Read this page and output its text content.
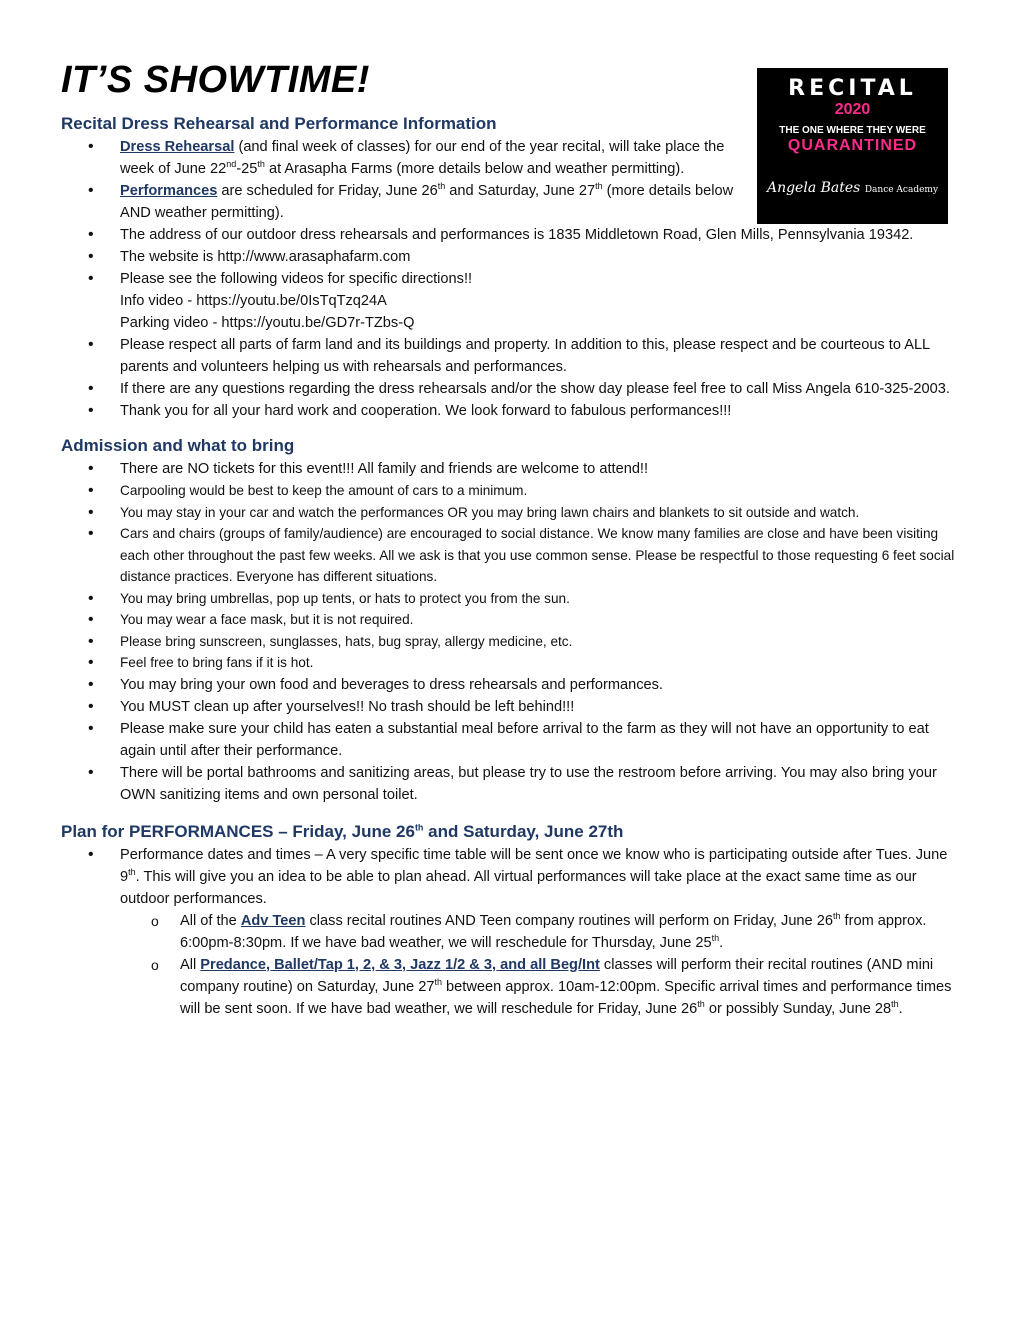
RECITAL
2020
THE ONE WHERE THEY WERE
QUARANTINED
Angela Bates Dance Academy
IT’S SHOWTIME!
Recital Dress Rehearsal and Performance Information
• Dress Rehearsal (and final week of classes) for our end of the year recital, will take place the week of June 22nd-25th at Arasapha Farms (more details below and weather permitting).
• Performances are scheduled for Friday, June 26th and Saturday, June 27th (more details below AND weather permitting).
• The address of our outdoor dress rehearsals and performances is 1835 Middletown Road, Glen Mills, Pennsylvania 19342.
• The website is http://www.arasaphafarm.com
• Please see the following videos for specific directions!!
Info video - https://youtu.be/0IsTqTzq24A
Parking video - https://youtu.be/GD7r-TZbs-Q
• Please respect all parts of farm land and its buildings and property. In addition to this, please respect and be courteous to ALL parents and volunteers helping us with rehearsals and performances.
• If there are any questions regarding the dress rehearsals and/or the show day please feel free to call Miss Angela 610-325-2003.
• Thank you for all your hard work and cooperation. We look forward to fabulous performances!!!
Admission and what to bring
• There are NO tickets for this event!!! All family and friends are welcome to attend!!
• Carpooling would be best to keep the amount of cars to a minimum.
• You may stay in your car and watch the performances OR you may bring lawn chairs and blankets to sit outside and watch.
• Cars and chairs (groups of family/audience) are encouraged to social distance. We know many families are close and have been visiting each other throughout the past few weeks. All we ask is that you use common sense. Please be respectful to those requesting 6 feet social distance practices. Everyone has different situations.
• You may bring umbrellas, pop up tents, or hats to protect you from the sun.
• You may wear a face mask, but it is not required.
• Please bring sunscreen, sunglasses, hats, bug spray, allergy medicine, etc.
• Feel free to bring fans if it is hot.
• You may bring your own food and beverages to dress rehearsals and performances.
• You MUST clean up after yourselves!! No trash should be left behind!!!
• Please make sure your child has eaten a substantial meal before arrival to the farm as they will not have an opportunity to eat again until after their performance.
• There will be portal bathrooms and sanitizing areas, but please try to use the restroom before arriving. You may also bring your OWN sanitizing items and own personal toilet.
Plan for PERFORMANCES – Friday, June 26th and Saturday, June 27th
• Performance dates and times – A very specific time table will be sent once we know who is participating outside after Tues. June 9th. This will give you an idea to be able to plan ahead. All virtual performances will take place at the exact same time as our outdoor performances.
o All of the Adv Teen class recital routines AND Teen company routines will perform on Friday, June 26th from approx. 6:00pm-8:30pm. If we have bad weather, we will reschedule for Thursday, June 25th.
o All Predance, Ballet/Tap 1, 2, & 3, Jazz 1/2 & 3, and all Beg/Int classes will perform their recital routines (AND mini company routine) on Saturday, June 27th between approx. 10am-12:00pm. Specific arrival times and performance times will be sent soon. If we have bad weather, we will reschedule for Friday, June 26th or possibly Sunday, June 28th.
